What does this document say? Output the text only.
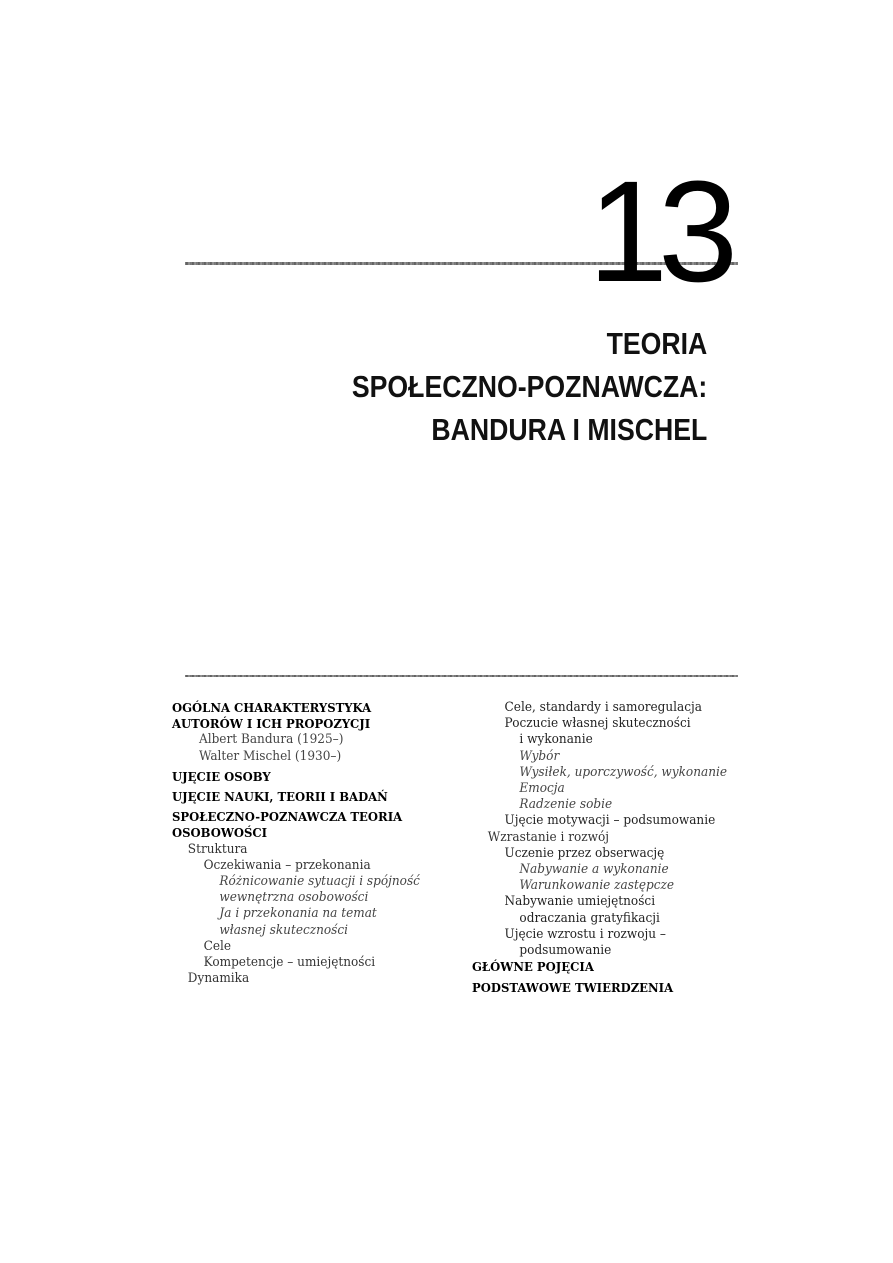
13
TEORIA
SPOŁECZNO-POZNAWCZA:
BANDURA I MISCHEL
OGÓLNA CHARAKTERYSTYKA
AUTORÓW I ICH PROPOZYCJI
Albert Bandura (1925–)
Walter Mischel (1930–)
UJĘCIE OSOBY
UJĘCIE NAUKI, TEORII I BADAŃ
SPOŁECZNO-POZNAWCZA TEORIA
OSOBOWOŚCI
Struktura
Oczekiwania – przekonania
Różnicowanie sytuacji i spójność
wewnętrzna osobowości
Ja i przekonania na temat
własnej skuteczności
Cele
Kompetencje – umiejętności
Dynamika
Cele, standardy i samoregulacja
Poczucie własnej skuteczności
i wykonanie
Wybór
Wysiłek, uporczywość, wykonanie
Emocja
Radzenie sobie
Ujęcie motywacji – podsumowanie
Wzrastanie i rozwój
Uczenie przez obserwację
Nabywanie a wykonanie
Warunkowanie zastępcze
Nabywanie umiejętności
odraczania gratyfikacji
Ujęcie wzrostu i rozwoju –
podsumowanie
GŁÓWNE POJĘCIA
PODSTAWOWE TWIERDZENIA
